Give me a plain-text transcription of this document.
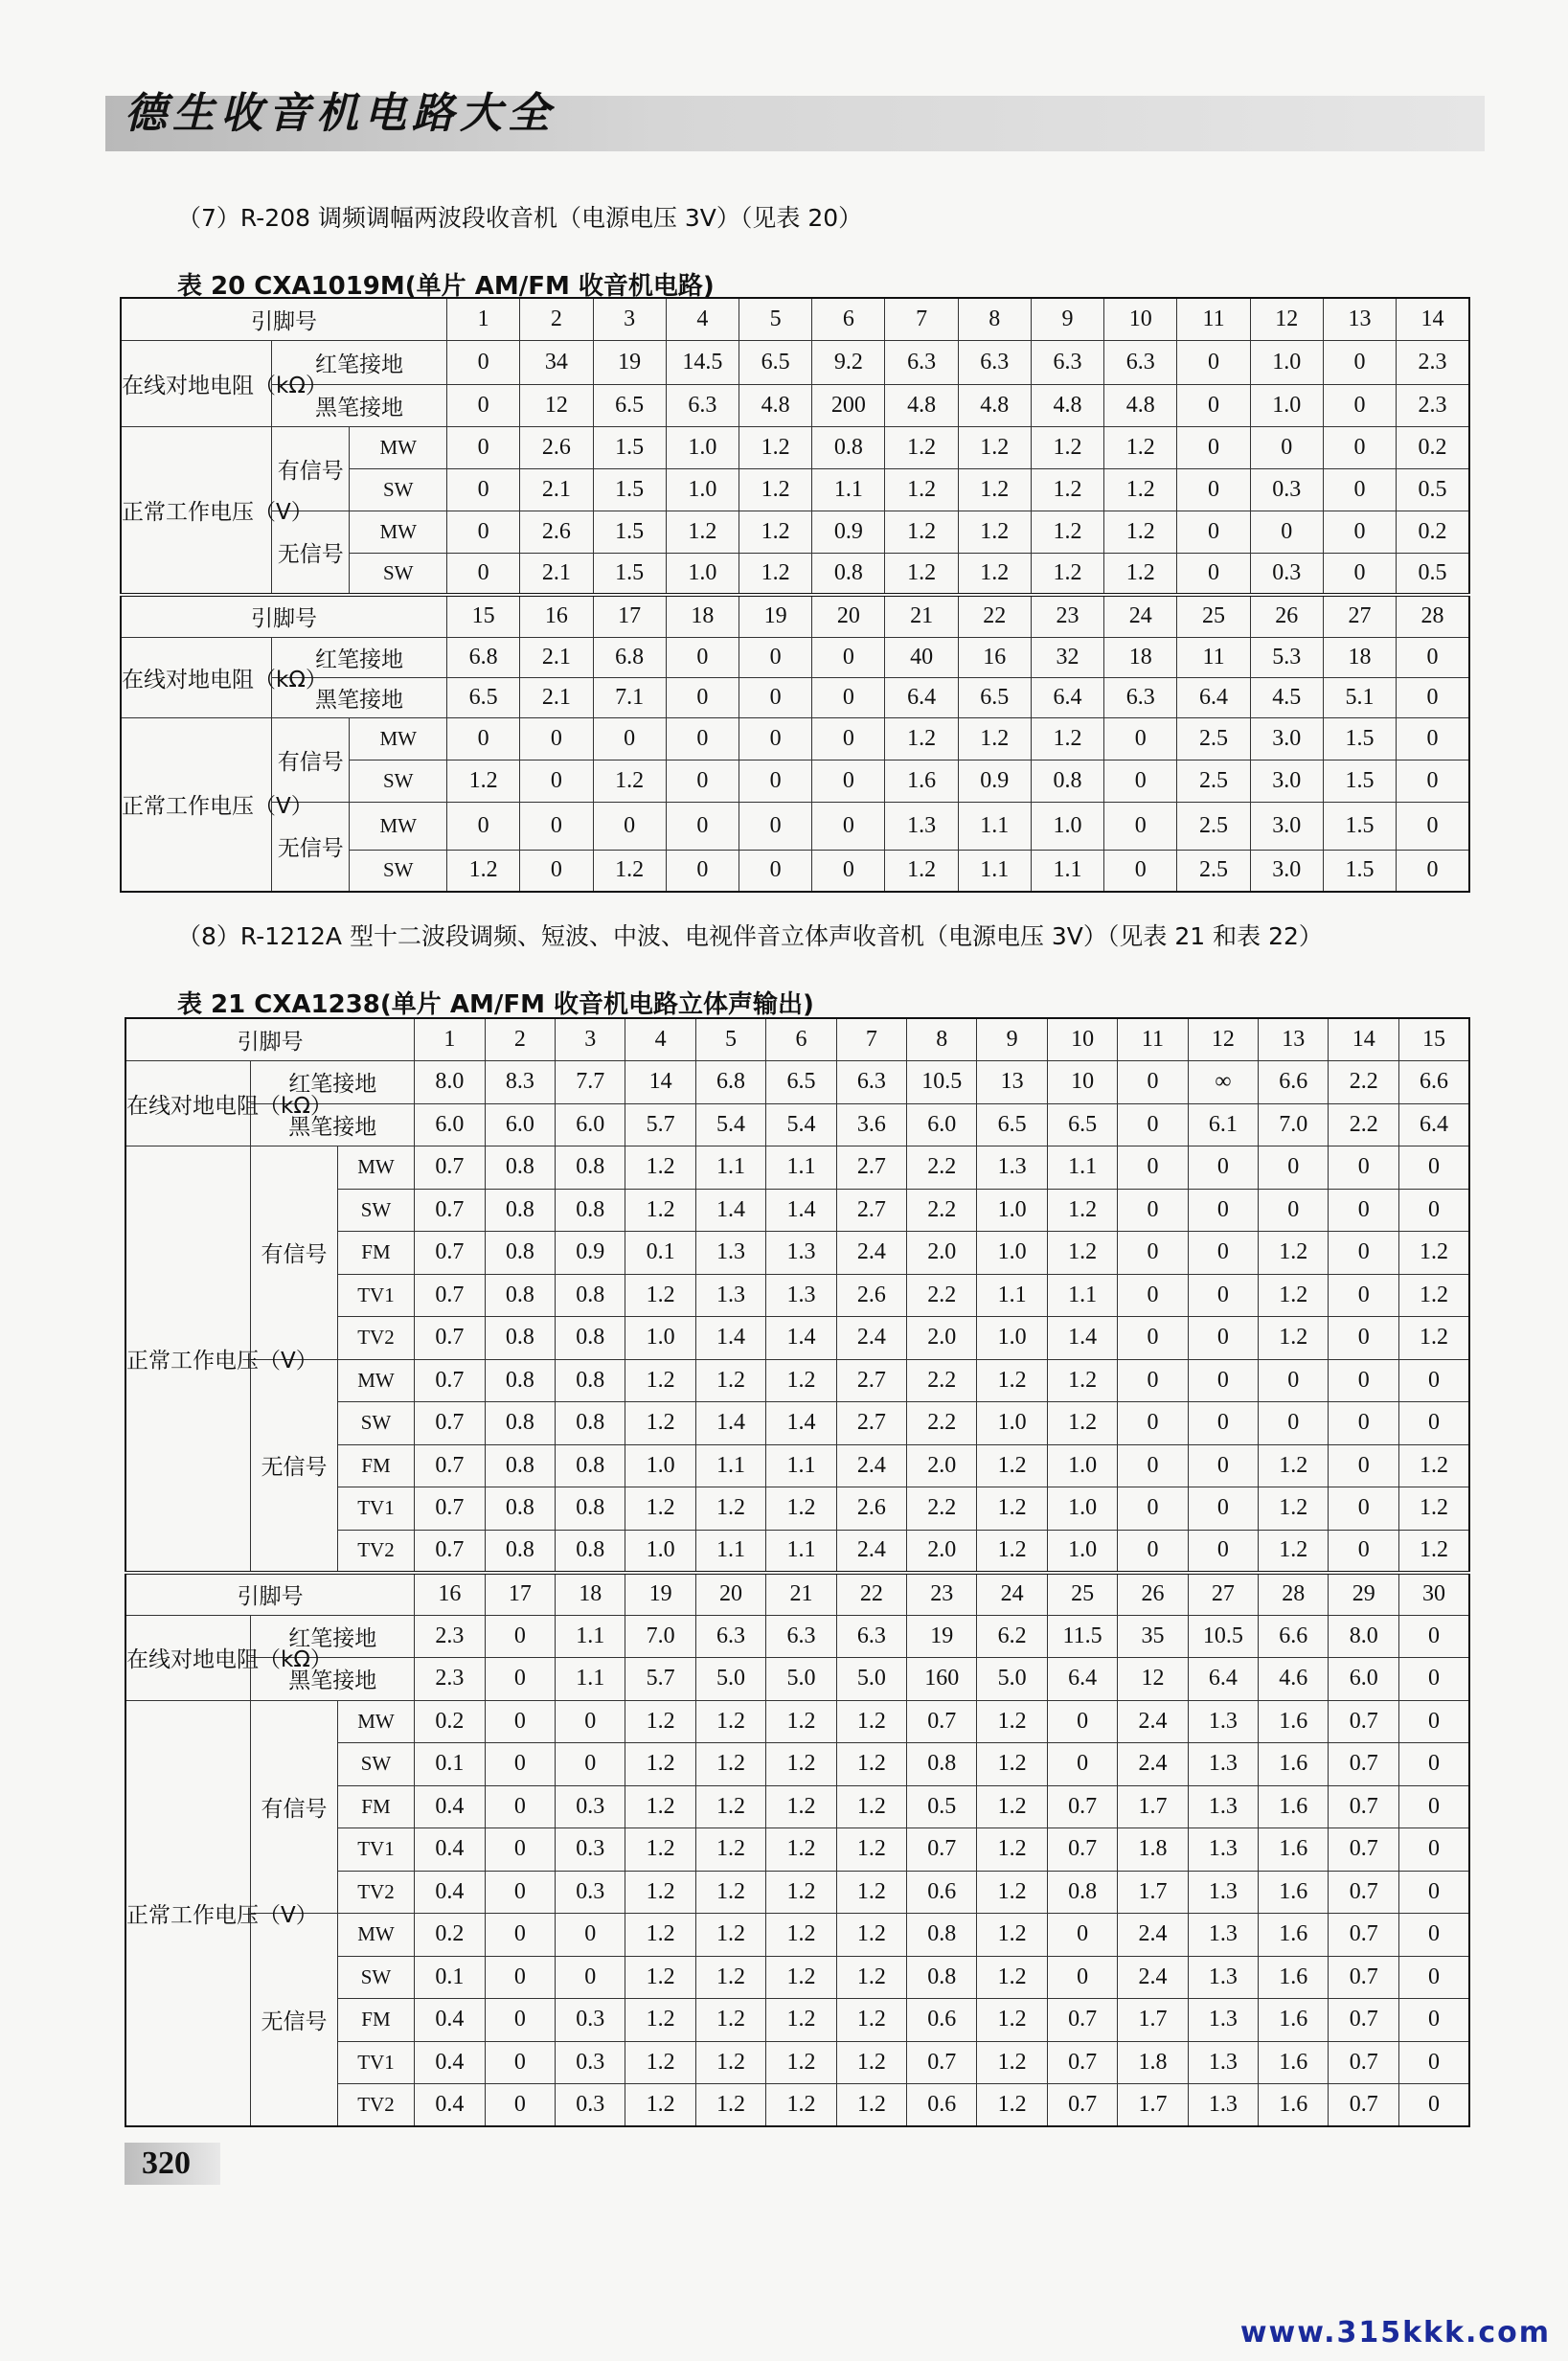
德生收音机电路大全
（7）R-208 调频调幅两波段收音机（电源电压 3V）（见表 20）
表 20 CXA1019M(单片 AM/FM 收音机电路)
引脚号			1	2	3	4	5	6	7	8	9	10	11	12	13	14
在线对地电阻（kΩ）	红笔接地		0	34	19	14.5	6.5	9.2	6.3	6.3	6.3	6.3	0	1.0	0	2.3
	黑笔接地		0	12	6.5	6.3	4.8	200	4.8	4.8	4.8	4.8	0	1.0	0	2.3
正常工作电压（V）	有信号	MW	0	2.6	1.5	1.0	1.2	0.8	1.2	1.2	1.2	1.2	0	0	0	0.2
		SW	0	2.1	1.5	1.0	1.2	1.1	1.2	1.2	1.2	1.2	0	0.3	0	0.5
	无信号	MW	0	2.6	1.5	1.2	1.2	0.9	1.2	1.2	1.2	1.2	0	0	0	0.2
		SW	0	2.1	1.5	1.0	1.2	0.8	1.2	1.2	1.2	1.2	0	0.3	0	0.5
引脚号			15	16	17	18	19	20	21	22	23	24	25	26	27	28
在线对地电阻（kΩ）	红笔接地		6.8	2.1	6.8	0	0	0	40	16	32	18	11	5.3	18	0
	黑笔接地		6.5	2.1	7.1	0	0	0	6.4	6.5	6.4	6.3	6.4	4.5	5.1	0
正常工作电压（V）	有信号	MW	0	0	0	0	0	0	1.2	1.2	1.2	0	2.5	3.0	1.5	0
		SW	1.2	0	1.2	0	0	0	1.6	0.9	0.8	0	2.5	3.0	1.5	0
	无信号	MW	0	0	0	0	0	0	1.3	1.1	1.0	0	2.5	3.0	1.5	0
		SW	1.2	0	1.2	0	0	0	1.2	1.1	1.1	0	2.5	3.0	1.5	0
（8）R-1212A 型十二波段调频、短波、中波、电视伴音立体声收音机（电源电压 3V）（见表 21 和表 22）
表 21 CXA1238(单片 AM/FM 收音机电路立体声输出)
引脚号			1	2	3	4	5	6	7	8	9	10	11	12	13	14	15
在线对地电阻（kΩ）	红笔接地		8.0	8.3	7.7	14	6.8	6.5	6.3	10.5	13	10	0	∞	6.6	2.2	6.6
	黑笔接地		6.0	6.0	6.0	5.7	5.4	5.4	3.6	6.0	6.5	6.5	0	6.1	7.0	2.2	6.4
正常工作电压（V）	有信号	MW	0.7	0.8	0.8	1.2	1.1	1.1	2.7	2.2	1.3	1.1	0	0	0	0	0
		SW	0.7	0.8	0.8	1.2	1.4	1.4	2.7	2.2	1.0	1.2	0	0	0	0	0
		FM	0.7	0.8	0.9	0.1	1.3	1.3	2.4	2.0	1.0	1.2	0	0	1.2	0	1.2
		TV1	0.7	0.8	0.8	1.2	1.3	1.3	2.6	2.2	1.1	1.1	0	0	1.2	0	1.2
		TV2	0.7	0.8	0.8	1.0	1.4	1.4	2.4	2.0	1.0	1.4	0	0	1.2	0	1.2
	无信号	MW	0.7	0.8	0.8	1.2	1.2	1.2	2.7	2.2	1.2	1.2	0	0	0	0	0
		SW	0.7	0.8	0.8	1.2	1.4	1.4	2.7	2.2	1.0	1.2	0	0	0	0	0
		FM	0.7	0.8	0.8	1.0	1.1	1.1	2.4	2.0	1.2	1.0	0	0	1.2	0	1.2
		TV1	0.7	0.8	0.8	1.2	1.2	1.2	2.6	2.2	1.2	1.0	0	0	1.2	0	1.2
		TV2	0.7	0.8	0.8	1.0	1.1	1.1	2.4	2.0	1.2	1.0	0	0	1.2	0	1.2
引脚号			16	17	18	19	20	21	22	23	24	25	26	27	28	29	30
在线对地电阻（kΩ）	红笔接地		2.3	0	1.1	7.0	6.3	6.3	6.3	19	6.2	11.5	35	10.5	6.6	8.0	0
	黑笔接地		2.3	0	1.1	5.7	5.0	5.0	5.0	160	5.0	6.4	12	6.4	4.6	6.0	0
正常工作电压（V）	有信号	MW	0.2	0	0	1.2	1.2	1.2	1.2	0.7	1.2	0	2.4	1.3	1.6	0.7	0
		SW	0.1	0	0	1.2	1.2	1.2	1.2	0.8	1.2	0	2.4	1.3	1.6	0.7	0
		FM	0.4	0	0.3	1.2	1.2	1.2	1.2	0.5	1.2	0.7	1.7	1.3	1.6	0.7	0
		TV1	0.4	0	0.3	1.2	1.2	1.2	1.2	0.7	1.2	0.7	1.8	1.3	1.6	0.7	0
		TV2	0.4	0	0.3	1.2	1.2	1.2	1.2	0.6	1.2	0.8	1.7	1.3	1.6	0.7	0
	无信号	MW	0.2	0	0	1.2	1.2	1.2	1.2	0.8	1.2	0	2.4	1.3	1.6	0.7	0
		SW	0.1	0	0	1.2	1.2	1.2	1.2	0.8	1.2	0	2.4	1.3	1.6	0.7	0
		FM	0.4	0	0.3	1.2	1.2	1.2	1.2	0.6	1.2	0.7	1.7	1.3	1.6	0.7	0
		TV1	0.4	0	0.3	1.2	1.2	1.2	1.2	0.7	1.2	0.7	1.8	1.3	1.6	0.7	0
		TV2	0.4	0	0.3	1.2	1.2	1.2	1.2	0.6	1.2	0.7	1.7	1.3	1.6	0.7	0
320
www.315kkk.com
